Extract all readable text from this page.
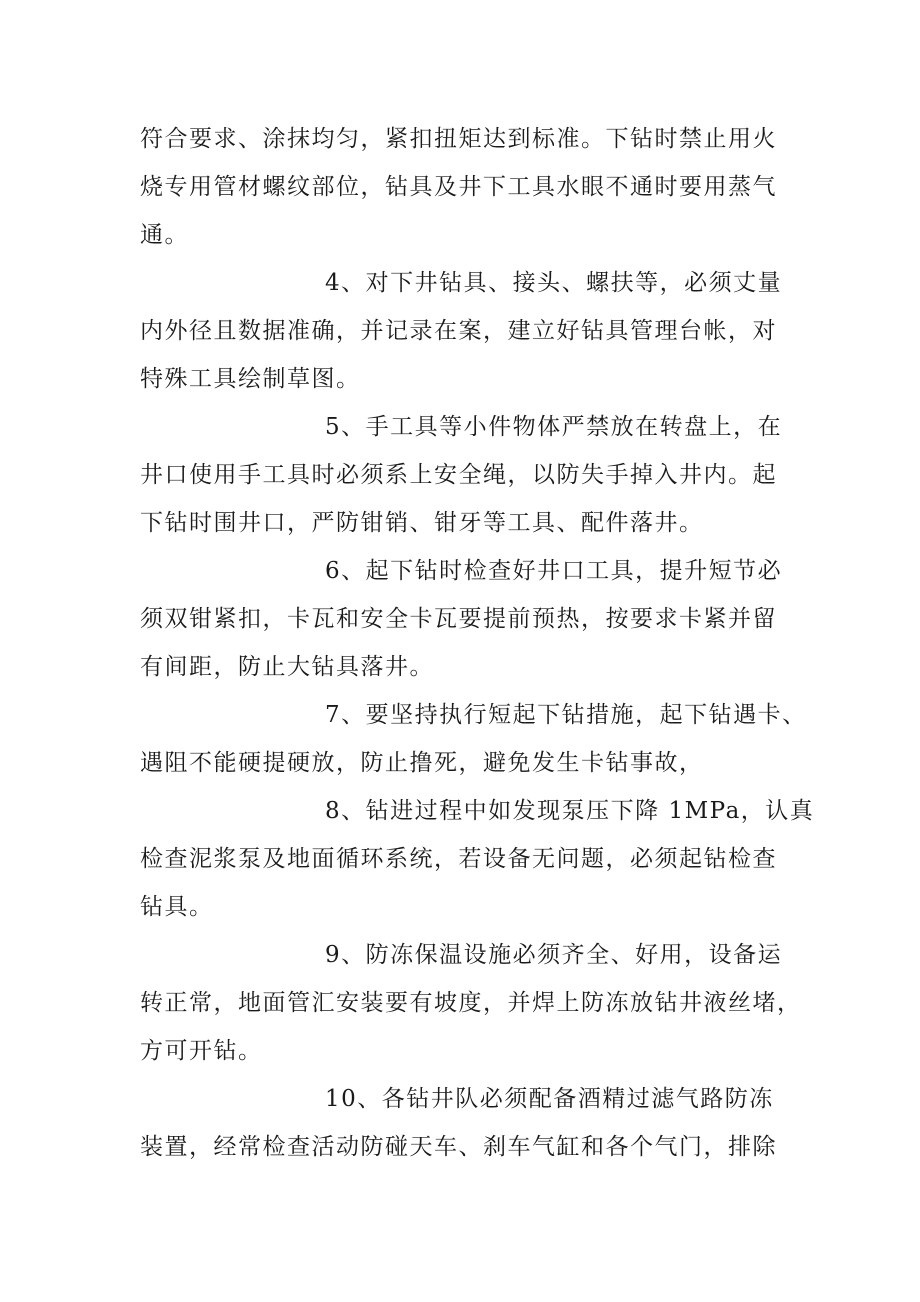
符合要求、涂抹均匀，紧扣扭矩达到标准。下钻时禁止用火
烧专用管材螺纹部位，钻具及井下工具水眼不通时要用蒸气
通。
4、对下井钻具、接头、螺扶等，必须丈量
内外径且数据准确，并记录在案，建立好钻具管理台帐，对
特殊工具绘制草图。
5、手工具等小件物体严禁放在转盘上，在
井口使用手工具时必须系上安全绳，以防失手掉入井内。起
下钻时围井口，严防钳销、钳牙等工具、配件落井。
6、起下钻时检查好井口工具，提升短节必
须双钳紧扣，卡瓦和安全卡瓦要提前预热，按要求卡紧并留
有间距，防止大钻具落井。
7、要坚持执行短起下钻措施，起下钻遇卡、
遇阻不能硬提硬放，防止撸死，避免发生卡钻事故，
8、钻进过程中如发现泵压下降 1MPa，认真
检查泥浆泵及地面循环系统，若设备无问题，必须起钻检查
钻具。
9、防冻保温设施必须齐全、好用，设备运
转正常，地面管汇安装要有坡度，并焊上防冻放钻井液丝堵，
方可开钻。
10、各钻井队必须配备酒精过滤气路防冻
装置，经常检查活动防碰天车、刹车气缸和各个气门，排除
